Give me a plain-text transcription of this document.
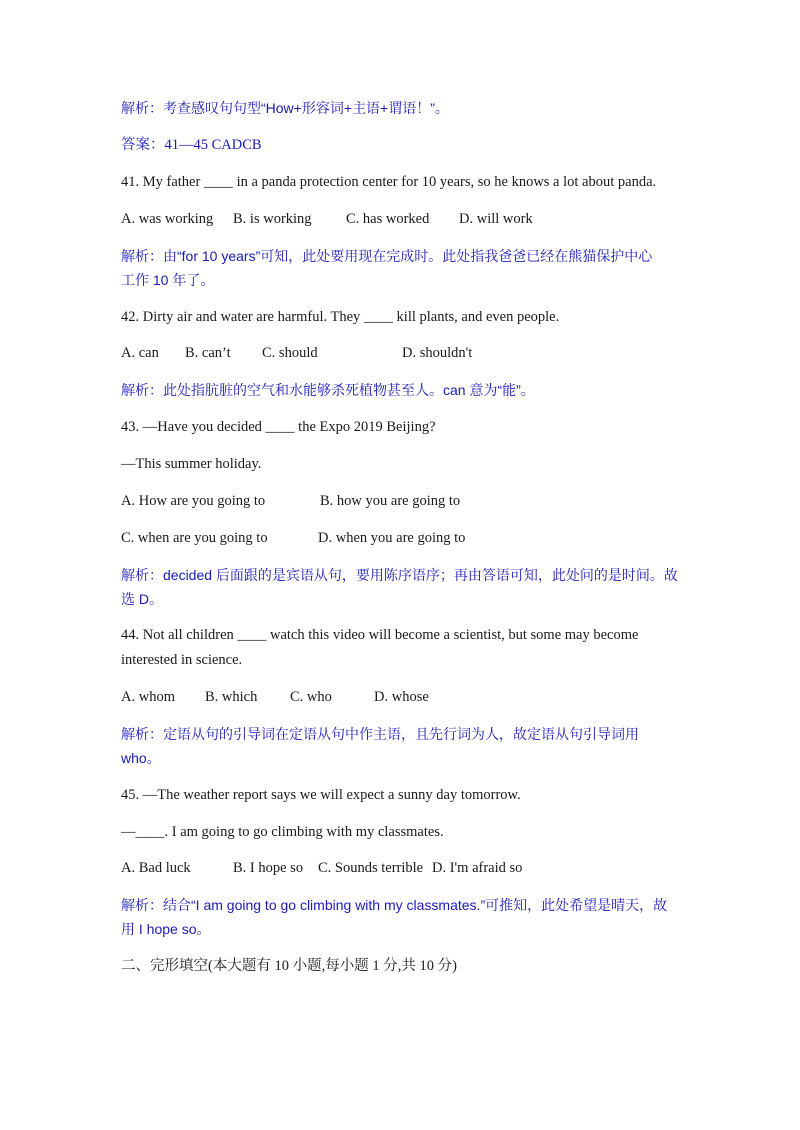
解析：考查感叹句句型“How+形容词+主语+谓语！”。
答案：41—45 CADCB
41. My father ____ in a panda protection center for 10 years, so he knows a lot about panda.
A. was working B. is working C. has worked D. will work
解析：由“for 10 years”可知，此处要用现在完成时。此处指我爸爸已经在熊猫保护中心
工作 10 年了。
42. Dirty air and water are harmful. They ____ kill plants, and even people.
A. can B. can’t C. should	D. shouldn't
解析：此处指肮脏的空气和水能够杀死植物甚至人。can 意为“能”。
43. —Have you decided ____ the Expo 2019 Beijing?
—This summer holiday.
A. How are you going to	B. how you are going to
C. when are you going to	D. when you are going to
解析：decided 后面跟的是宾语从句，要用陈序语序；再由答语可知，此处问的是时间。故
选 D。
44. Not all children ____ watch this video will become a scientist, but some may become
interested in science.
A. whom B. which C. who	D. whose
解析：定语从句的引导词在定语从句中作主语，且先行词为人，故定语从句引导词用
who。
45. —The weather report says we will expect a sunny day tomorrow.
—____. I am going to go climbing with my classmates.
A. Bad luck	B. I hope so C. Sounds terrible D. I'm afraid so
解析：结合“I am going to go climbing with my classmates.”可推知，此处希望是晴天，故
用 I hope so。
二、完形填空(本大题有 10 小题,每小题 1 分,共 10 分)
